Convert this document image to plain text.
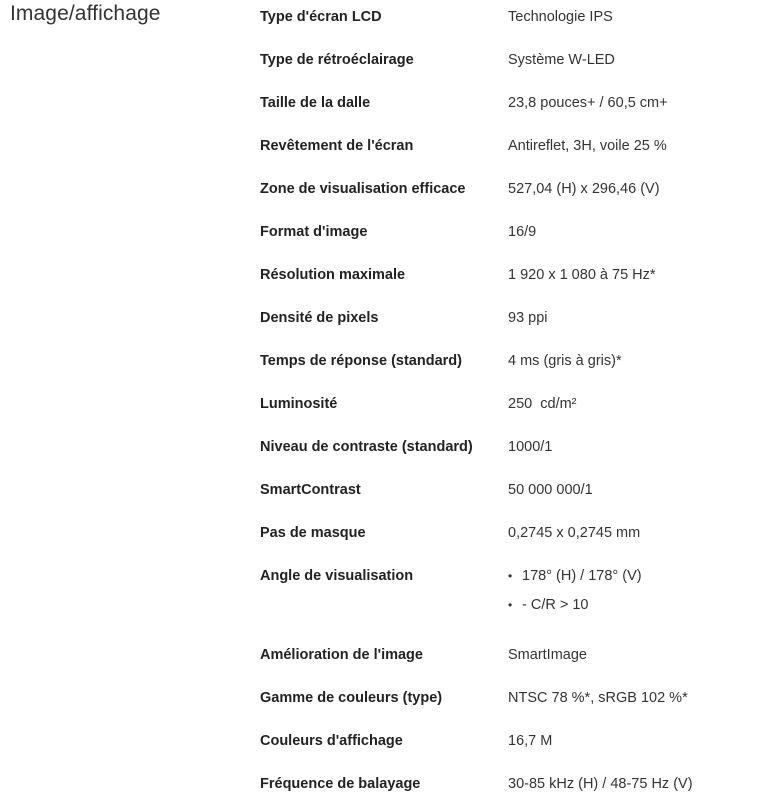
Image/affichage	Type d'écran LCD	Technologie IPS
Type de rétroéclairage	Système W-LED
Taille de la dalle	23,8 pouces+ / 60,5 cm+
Revêtement de l'écran	Antireflet, 3H, voile 25 %
Zone de visualisation efficace	527,04 (H) x 296,46 (V)
Format d'image	16/9
Résolution maximale	1 920 x 1 080 à 75 Hz*
Densité de pixels	93 ppi
Temps de réponse (standard)	4 ms (gris à gris)*
Luminosité	250  cd/m²
Niveau de contraste (standard)	1000/1
SmartContrast	50 000 000/1
Pas de masque	0,2745 x 0,2745 mm
Angle de visualisation	• 178° (H) / 178° (V)
• - C/R > 10
Amélioration de l'image	SmartImage
Gamme de couleurs (type)	NTSC 78 %*, sRGB 102 %*
Couleurs d'affichage	16,7 M
Fréquence de balayage	30-85 kHz (H) / 48-75 Hz (V)
